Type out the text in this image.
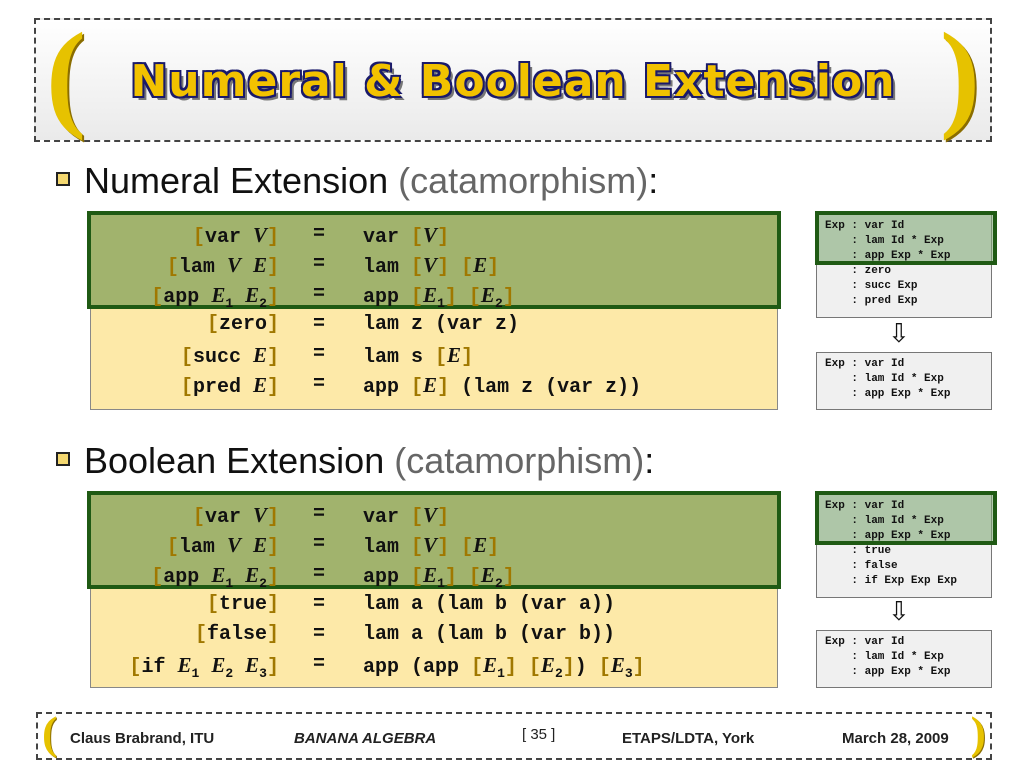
(	Numeral & Boolean Extension )
Numeral Extension (catamorphism):
[var V] = var [V]
[lam V E] = lam [V] [E]
[app $E_1$ $E_2$] = app $[E_1]$ $[E_2]$
[zero] = lam z (var z)
[succ E] = lam s [E]
[pred E] = app [E] (lam z (var z))
Exp : var Id
: lam Id * Exp
: app Exp * Exp
: zero
: succ Exp
: pred Exp
⇩
Exp : var Id
: lam Id * Exp
: app Exp * Exp
Boolean Extension (catamorphism):
[var V] = var [V]
[lam V E] = lam [V] [E]
[app $E_1$ $E_2$] = app $[E_1]$ $[E_2]$
[true] = lam a (lam b (var a))
[false] = lam a (lam b (var b))
[if $E_1$ $E_2$ $E_3$] = app (app $[E_1]$ $[E_2]$) $[E_3]$
Exp : var Id
: lam Id * Exp
: app Exp * Exp
: true
: false
: if Exp Exp Exp
⇩
Exp : var Id
: lam Id * Exp
: app Exp * Exp
( Claus Brabrand, ITU	BANANA ALGEBRA	[ 35 ]	ETAPS/LDTA, York	March 28, 2009 )
